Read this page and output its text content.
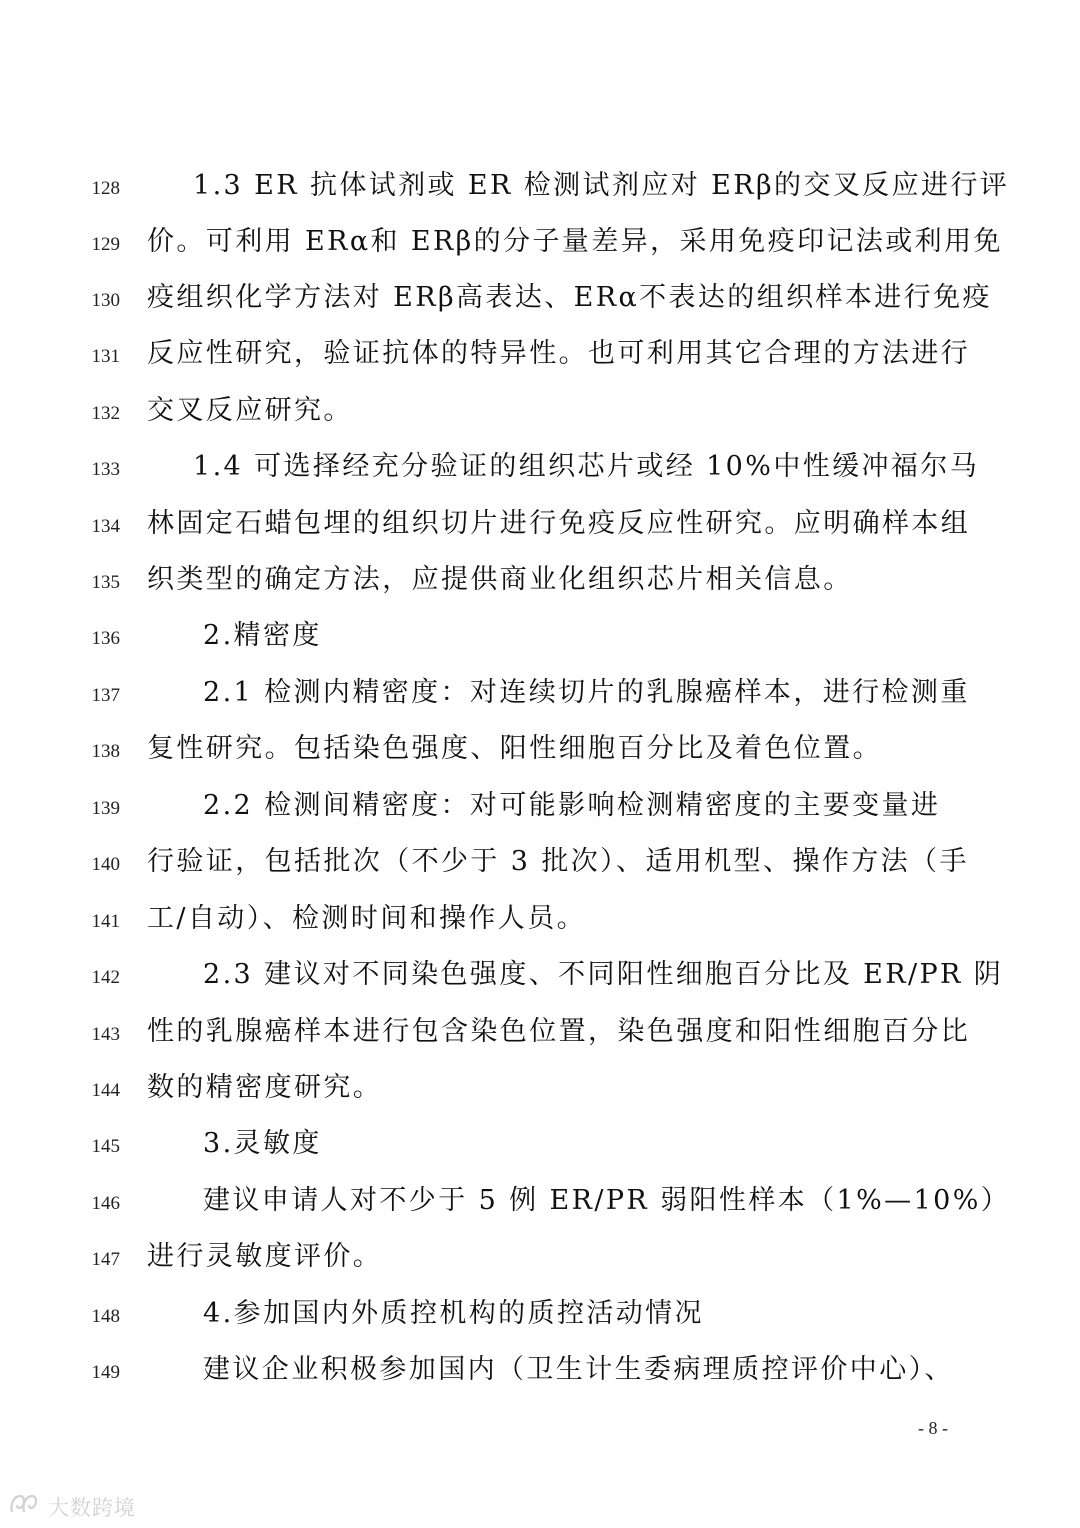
128	1.3 ER 抗体试剂或 ER 检测试剂应对 ERβ的交叉反应进行评
129 价。可利用 ERα和 ERβ的分子量差异，采用免疫印记法或利用免
130 疫组织化学方法对 ERβ高表达、ERα不表达的组织样本进行免疫
131 反应性研究，验证抗体的特异性。也可利用其它合理的方法进行
132 交叉反应研究。
133	1.4 可选择经充分验证的组织芯片或经 10%中性缓冲福尔马
134 林固定石蜡包埋的组织切片进行免疫反应性研究。应明确样本组
135 织类型的确定方法，应提供商业化组织芯片相关信息。
136	2.精密度
137	2.1 检测内精密度：对连续切片的乳腺癌样本，进行检测重
138 复性研究。包括染色强度、阳性细胞百分比及着色位置。
139	2.2 检测间精密度：对可能影响检测精密度的主要变量进
140 行验证，包括批次（不少于 3 批次）、适用机型、操作方法（手
141 工/自动）、检测时间和操作人员。
142	2.3 建议对不同染色强度、不同阳性细胞百分比及 ER/PR 阴
143 性的乳腺癌样本进行包含染色位置，染色强度和阳性细胞百分比
144 数的精密度研究。
145	3.灵敏度
146	建议申请人对不少于 5 例 ER/PR 弱阳性样本（1%—10%）
147 进行灵敏度评价。
148	4.参加国内外质控机构的质控活动情况
149	建议企业积极参加国内（卫生计生委病理质控评价中心）、
- 8 -
大数跨境
